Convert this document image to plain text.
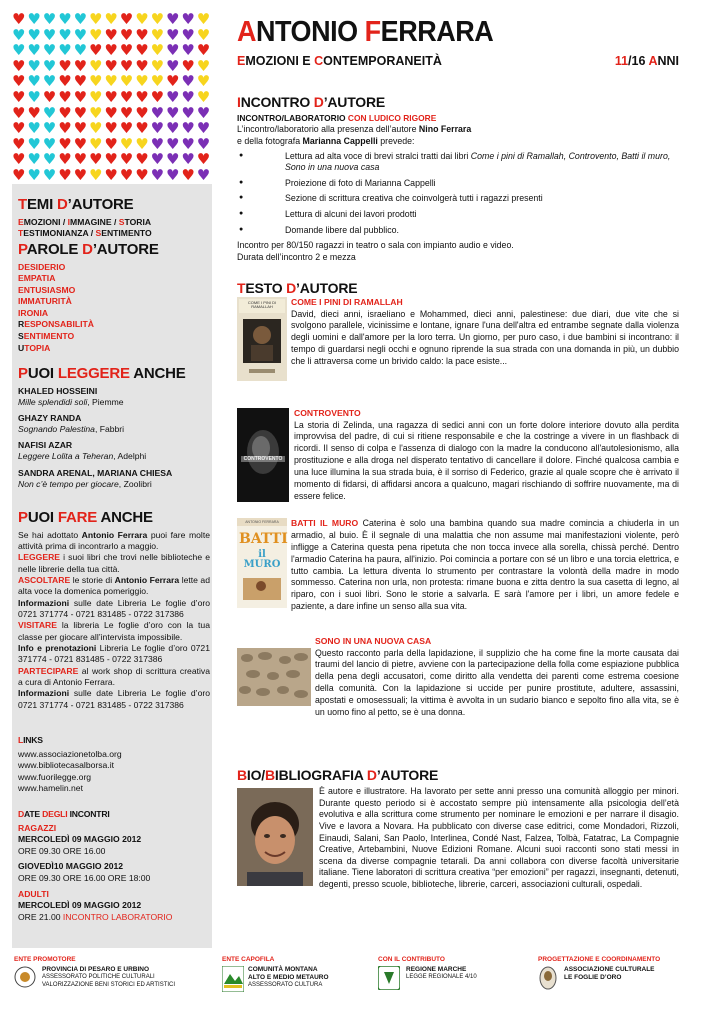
♥ ♥ ♥ ♥ ♥ ♥ ♥ ♥ ♥ ♥ ♥ ♥ ♥
♥ ♥ ♥ ♥ ♥ ♥ ♥ ♥ ♥ ♥ ♥ ♥ ♥
♥ ♥ ♥ ♥ ♥ ♥ ♥ ♥ ♥ ♥ ♥ ♥ ♥
♥ ♥ ♥ ♥ ♥ ♥ ♥ ♥ ♥ ♥ ♥ ♥ ♥
♥ ♥ ♥ ♥ ♥ ♥ ♥ ♥ ♥ ♥ ♥ ♥ ♥
♥ ♥ ♥ ♥ ♥ ♥ ♥ ♥ ♥ ♥ ♥ ♥ ♥
♥ ♥ ♥ ♥ ♥ ♥ ♥ ♥ ♥ ♥ ♥ ♥ ♥
♥ ♥ ♥ ♥ ♥ ♥ ♥ ♥ ♥ ♥ ♥ ♥ ♥
♥ ♥ ♥ ♥ ♥ ♥ ♥ ♥ ♥ ♥ ♥ ♥ ♥
♥ ♥ ♥ ♥ ♥ ♥ ♥ ♥ ♥ ♥ ♥ ♥ ♥
♥ ♥ ♥ ♥ ♥ ♥ ♥ ♥ ♥ ♥ ♥ ♥ ♥
TEMI D’AUTORE
EMOZIONI / IMMAGINE / STORIA
TESTIMONIANZA / SENTIMENTO
PAROLE D’AUTORE
DESIDERIO
EMPATIA
ENTUSIASMO
IMMATURITÀ
IRONIA
RESPONSABILITÀ
SENTIMENTO
UTOPIA
PUOI LEGGERE ANCHE
KHALED HOSSEINI
Mille splendidi soli, Piemme
GHAZY RANDA
Sognando Palestina, Fabbri
NAFISI AZAR
Leggere Lolita a Teheran, Adelphi
SANDRA ARENAL, MARIANA CHIESA
Non c’è tempo per giocare, Zoolibri
PUOI FARE ANCHE

Se hai adottato Antonio Ferrara puoi fare molte attività prima di incontrarlo a maggio.

LEGGERE i suoi libri che trovi nelle biblioteche e nelle librerie della tua città.

ASCOLTARE le storie di Antonio Ferrara lette ad alta voce la domenica pomeriggio.

Informazioni sulle date Libreria Le foglie d’oro 0721 371774 - 0721 831485 - 0722 317386

VISITARE la libreria Le foglie d’oro con la tua classe per giocare all’intervista impossibile.

Info e prenotazioni Libreria Le foglie d’oro 0721 371774 - 0721 831485 - 0722 317386

PARTECIPARE al work shop di scrittura creativa a cura di Antonio Ferrara.

Informazioni sulle date Libreria Le foglie d’oro 0721 371774 - 0721 831485 - 0722 317386

LINKS
www.associazionetolba.org
www.bibliotecasalborsa.it
www.fuorilegge.org
www.hamelin.net
DATE DEGLI INCONTRI
RAGAZZI
MERCOLEDÌ 09 MAGGIO 2012
ORE 09.30 ORE 16.00
GIOVEDÌ10 MAGGIO 2012
ORE 09.30 ORE 16.00 ORE 18:00
ADULTI
MERCOLEDÌ 09 MAGGIO 2012
ORE 21.00 INCONTRO LABORATORIO
ANTONIO FERRARA
EMOZIONI E CONTEMPORANEITÀ	11/16 ANNI
INCONTRO D’AUTORE
INCONTRO/LABORATORIO CON LUDICO RIGORE
L’incontro/laboratorio alla presenza dell’autore Nino Ferrara
e della fotografa Marianna Cappelli prevede:
● Lettura ad alta voce di brevi stralci tratti dai libri Come i pini di Ramallah, Controvento, Batti il muro, Sono in una nuova casa
● Proiezione di foto di Marianna Cappelli
● Sezione di scrittura creativa che coinvolgerà tutti i ragazzi presenti
● Lettura di alcuni dei lavori prodotti
● Domande libere dal pubblico.
Incontro per 80/150 ragazzi in teatro o sala con impianto audio e video.
Durata dell’incontro 2 e mezza
TESTO D’AUTORE
COME I PINI DI RAMALLAH	COME I PINI DI RAMALLAH
David, dieci anni, israeliano e Mohammed, dieci anni, palestinese: due diari, due vite che si svolgono parallele, vicinissime e lontane, ignare l'una dell'altra ed entrambe segnate dalla violenza degli uomini e dall'amore per la loro terra. Un giorno, per puro caso, i due bambini si incontrano: il tempo di guardarsi negli occhi e ognuno riprende la sua strada con una domanda in più, un dubbio che li attraversa come un brivido caldo: la pace esiste...
CONTROVENTO
CONTROVENTO
La storia di Zelinda, una ragazza di sedici anni con un forte dolore interiore dovuto alla perdita improvvisa del padre, di cui si ritiene responsabile e che la costringe a vivere in un flashback di ricordi. Il senso di colpa e l'assenza di dialogo con la madre la conducono all'autolesionismo, alla prostituzione e alla droga nel disperato tentativo di cancellare il dolore. Finché qualcosa cambia e una luce illumina la sua strada buia, è il sorriso di Federico, grazie al quale scopre che è arrivato il momento di fidarsi, di affidarsi ancora a qualcuno, magari rischiando di soffrire nuovamente, ma di essere felice.
ANTONIO FERRARA
BATTI
il MURO
BATTI IL MURO Caterina è solo una bambina quando sua madre comincia a chiuderla in un armadio, al buio. È il segnale di una malattia che non assume mai manifestazioni violente, però infligge a Caterina questa pena ripetuta che non tocca invece alla sorella, chissà perché. Dentro l'armadio Caterina ha paura, all'inizio. Poi comincia a portare con sé un libro e una torcia elettrica, e tutto cambia. La lettura diventa lo strumento per contrastare la volontà della madre in modo sommesso. Caterina non urla, non protesta: rimane buona e zitta dentro la sua casetta di legno, al riparo, con i suoi libri. Sono le storie a salvarla. E sarà l'amore per i libri, un amore fedele e paziente, a dare infine un senso alla sua vita.
SONO IN UNA NUOVA CASA
Questo racconto parla della lapidazione, il supplizio che ha come fine la morte causata dai traumi del lancio di pietre, avviene con la partecipazione della folla come espiazione pubblica della pena degli accusatori, come diritto alla vendetta dei parenti come estrema coesione della comunità. Con la lapidazione si uccide per punire prostitute, adultere, assassini, apostati e omosessuali; la vittima è avvolta in un sudario bianco e sepolto fino alla vita, se è un uomo fino al petto, se è una donna.
BIO/BIBLIOGRAFIA D’AUTORE
È autore e illustratore. Ha lavorato per sette anni presso una comunità alloggio per minori. Durante questo periodo si è accostato sempre più intensamente alla psicologia dell’età evolutiva e alla scrittura come strumento per nominare le emozioni e per narrare il disagio. Vive e lavora a Novara. Ha pubblicato con diverse case editrici, come Mondadori, Rizzoli, Einaudi, Salani, San Paolo, Interlinea, Condé Nast, Falzea, Tolbà, Fatatrac, La Compagnie Creative, Artebambini, Nuove Edizioni Romane. Alcuni suoi racconti sono stati messi in scena da diverse compagnie tetarali. Da anni collabora con diverse facoltà universitarie italiane. Tiene laboratori di scrittura creativa “per emozioni” per ragazzi, insegnanti, detenuti, degenti, presso scuole, biblioteche, librerie, carceri, associazioni culturali, ospedali.
ENTE PROMOTORE
PROVINCIA DI PESARO E URBINO
ASSESSORATO POLITICHE CULTURALI
VALORIZZAZIONE BENI STORICI ED ARTISTICI
ENTE CAPOFILA
COMUNITÀ MONTANA
ALTO E MEDIO METAURO
ASSESSORATO CULTURA
CON IL CONTRIBUTO
REGIONE MARCHE
LEGGE REGIONALE 4/10
PROGETTAZIONE E COORDINAMENTO
ASSOCIAZIONE CULTURALE
LE FOGLIE D’ORO
